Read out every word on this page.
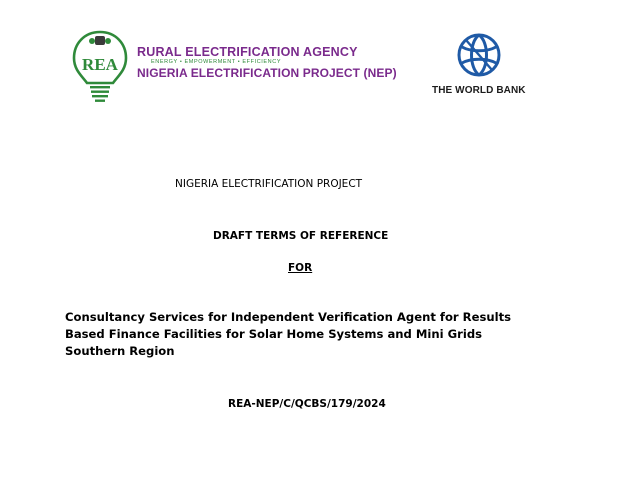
REA
RURAL ELECTRIFICATION AGENCY
ENERGY • EMPOWERMENT • EFFICIENCY
NIGERIA ELECTRIFICATION PROJECT (NEP)
THE WORLD BANK
NIGERIA ELECTRIFICATION PROJECT
DRAFT TERMS OF REFERENCE
FOR
Consultancy Services for Independent Verification Agent for Results
Based Finance Facilities for Solar Home Systems and Mini Grids
Southern Region
REA-NEP/C/QCBS/179/2024
